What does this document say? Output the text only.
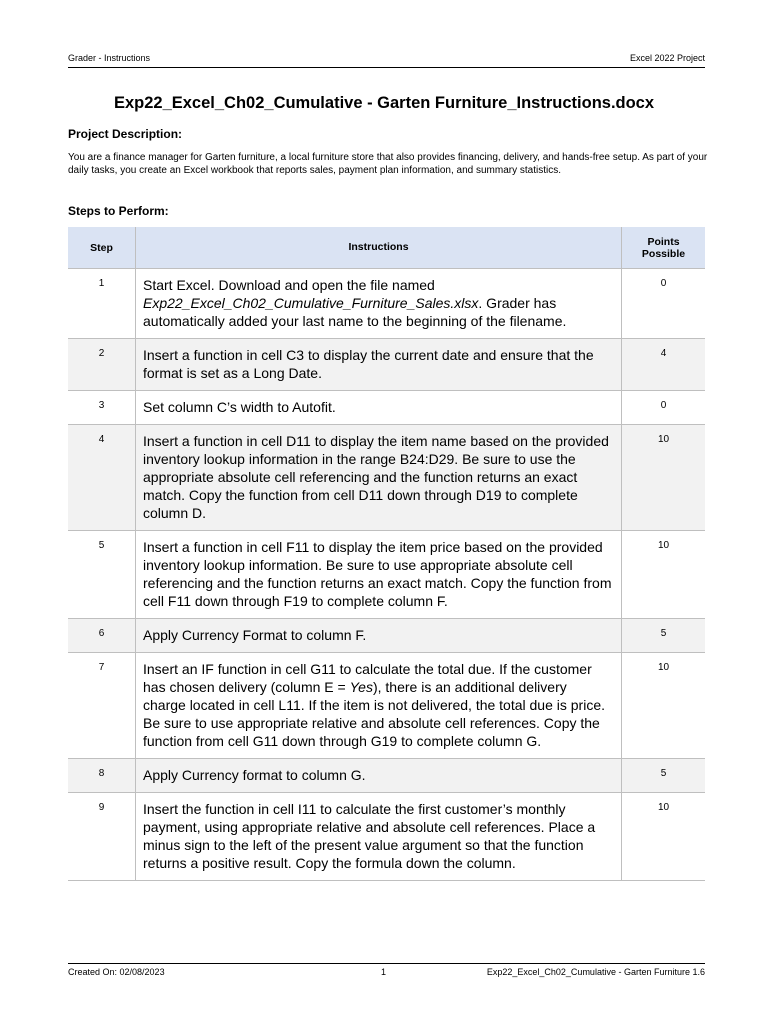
Grader - Instructions	Excel 2022 Project
Exp22_Excel_Ch02_Cumulative - Garten Furniture_Instructions.docx
Project Description:
You are a finance manager for Garten furniture, a local furniture store that also provides financing, delivery, and hands-free setup. As part of your daily tasks, you create an Excel workbook that reports sales, payment plan information, and summary statistics.
Steps to Perform:
Step	Instructions	Points
Possible

1	Start Excel. Download and open the file named Exp22_Excel_Ch02_Cumulative_Furniture_Sales.xlsx. Grader has automatically added your last name to the beginning of the filename.	0
2	Insert a function in cell C3 to display the current date and ensure that the format is set as a Long Date.	4
3	Set column C’s width to Autofit.	0
4	Insert a function in cell D11 to display the item name based on the provided inventory lookup information in the range B24:D29. Be sure to use the appropriate absolute cell referencing and the function returns an exact match. Copy the function from cell D11 down through D19 to complete column D.	10
5	Insert a function in cell F11 to display the item price based on the provided inventory lookup information. Be sure to use appropriate absolute cell referencing and the function returns an exact match. Copy the function from cell F11 down through F19 to complete column F.	10
6	Apply Currency Format to column F.	5
7	Insert an IF function in cell G11 to calculate the total due. If the customer has chosen delivery (column E = Yes), there is an additional delivery charge located in cell L11. If the item is not delivered, the total due is price. Be sure to use appropriate relative and absolute cell references. Copy the function from cell G11 down through G19 to complete column G.	10
8	Apply Currency format to column G.	5
9	Insert the function in cell I11 to calculate the first customer’s monthly payment, using appropriate relative and absolute cell references. Place a minus sign to the left of the present value argument so that the function returns a positive result. Copy the formula down the column.	10
Created On: 02/08/2023	1	Exp22_Excel_Ch02_Cumulative - Garten Furniture 1.6
